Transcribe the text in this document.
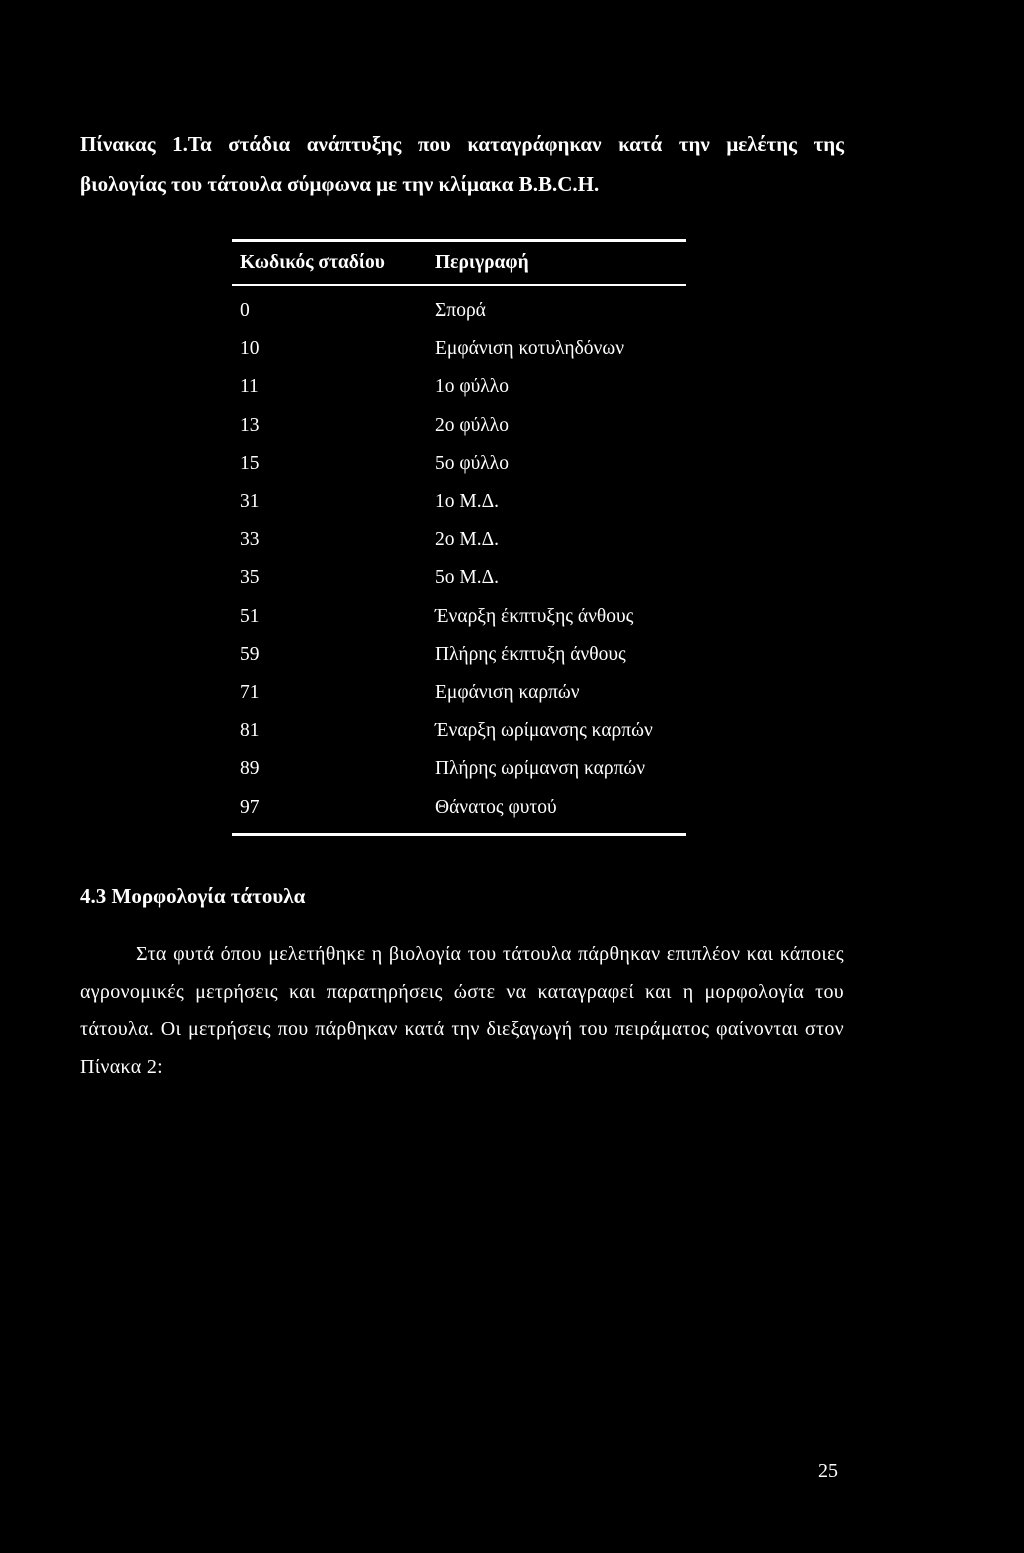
Πίνακας 1.Τα στάδια ανάπτυξης που καταγράφηκαν κατά την μελέτης της
βιολογίας του τάτουλα σύμφωνα με την κλίμακα B.B.C.H.
Κωδικός σταδίου	Περιγραφή
0	Σπορά
10	Εμφάνιση κοτυληδόνων
11	1ο φύλλο
13	2ο φύλλο
15	5ο φύλλο
31	1ο Μ.Δ.
33	2ο Μ.Δ.
35	5ο Μ.Δ.
51	Έναρξη έκπτυξης άνθους
59	Πλήρης έκπτυξη άνθους
71	Εμφάνιση καρπών
81	Έναρξη ωρίμανσης καρπών
89	Πλήρης ωρίμανση καρπών
97	Θάνατος φυτού
4.3 Μορφολογία τάτουλα
Στα φυτά όπου μελετήθηκε η βιολογία του τάτουλα πάρθηκαν επιπλέον και κάποιες αγρονομικές μετρήσεις και παρατηρήσεις ώστε να καταγραφεί και η μορφολογία του τάτουλα. Οι μετρήσεις που πάρθηκαν κατά την διεξαγωγή του πειράματος φαίνονται στον Πίνακα 2:
25
